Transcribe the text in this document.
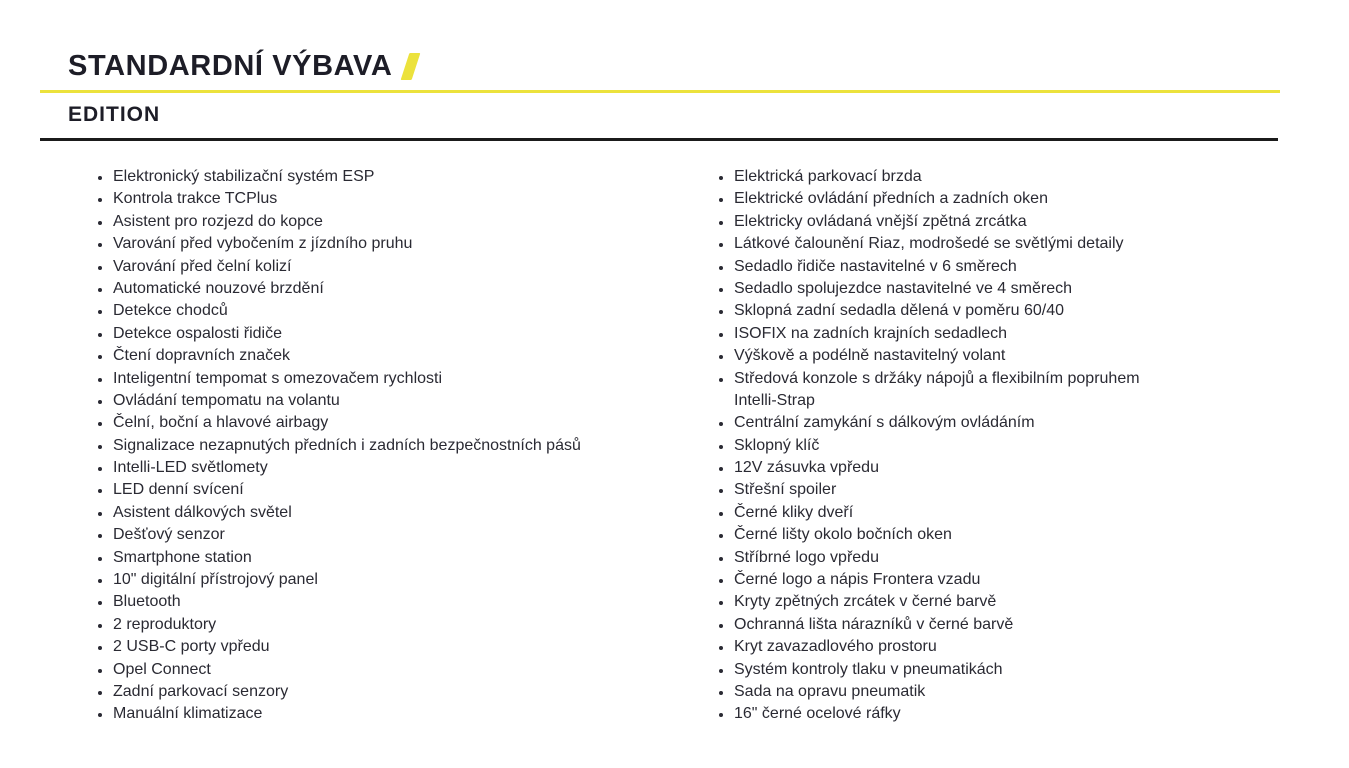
STANDARDNÍ VÝBAVA
EDITION
Elektronický stabilizační systém ESP
Kontrola trakce TCPlus
Asistent pro rozjezd do kopce
Varování před vybočením z jízdního pruhu
Varování před čelní kolizí
Automatické nouzové brzdění
Detekce chodců
Detekce ospalosti řidiče
Čtení dopravních značek
Inteligentní tempomat s omezovačem rychlosti
Ovládání tempomatu na volantu
Čelní, boční a hlavové airbagy
Signalizace nezapnutých předních i zadních bezpečnostních pásů
Intelli-LED světlomety
LED denní svícení
Asistent dálkových světel
Dešťový senzor
Smartphone station
10" digitální přístrojový panel
Bluetooth
2 reproduktory
2 USB-C porty vpředu
Opel Connect
Zadní parkovací senzory
Manuální klimatizace
Elektrická parkovací brzda
Elektrické ovládání předních a zadních oken
Elektricky ovládaná vnější zpětná zrcátka
Látkové čalounění Riaz, modrošedé se světlými detaily
Sedadlo řidiče nastavitelné v 6 směrech
Sedadlo spolujezdce nastavitelné ve 4 směrech
Sklopná zadní sedadla dělená v poměru 60/40
ISOFIX na zadních krajních sedadlech
Výškově a podélně nastavitelný volant
Středová konzole s držáky nápojů a flexibilním popruhem
Intelli-Strap
Centrální zamykání s dálkovým ovládáním
Sklopný klíč
12V zásuvka vpředu
Střešní spoiler
Černé kliky dveří
Černé lišty okolo bočních oken
Stříbrné logo vpředu
Černé logo a nápis Frontera vzadu
Kryty zpětných zrcátek v černé barvě
Ochranná lišta nárazníků v černé barvě
Kryt zavazadlového prostoru
Systém kontroly tlaku v pneumatikách
Sada na opravu pneumatik
16" černé ocelové ráfky
